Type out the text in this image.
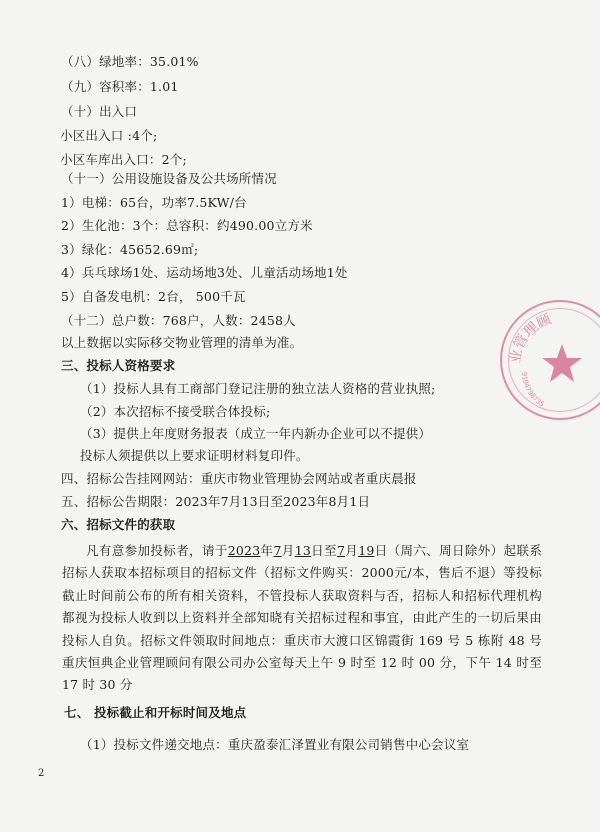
（八）绿地率：35.01%
（九）容积率：1.01
（十）出入口
小区出入口 :4个;
小区车库出入口：2个;
（十一）公用设施设备及公共场所情况
1）电梯：65台，功率7.5KW/台
2）生化池：3个：总容积：约490.00立方米
3）绿化：45652.69㎡;
4）兵乓球场1处、运动场地3处、儿童活动场地1处
5）自备发电机：2台， 500千瓦
（十二）总户数：768户，人数：2458人
以上数据以实际移交物业管理的清单为准。
三、投标人资格要求
（1）投标人具有工商部门登记注册的独立法人资格的营业执照;
（2）本次招标不接受联合体投标;
（3）提供上年度财务报表（成立一年内新办企业可以不提供）
投标人须提供以上要求证明材料复印件。
四、招标公告挂网网站：重庆市物业管理协会网站或者重庆晨报
五、招标公告期限：2023年7月13日至2023年8月1日
六、招标文件的获取
凡有意参加投标者，请于2023年7月13日至7月19日（周六、周日除外）起联系招标人获取本招标项目的招标文件（招标文件购买：2000元/本，售后不退）等投标截止时间前公布的所有相关资料，不管投标人获取资料与否，招标人和招标代理机构都视为投标人收到以上资料并全部知晓有关招标过程和事宜，由此产生的一切后果由投标人自负。招标文件领取时间地点：重庆市大渡口区锦霞街 169 号 5 栋附 48 号重庆恒典企业管理顾问有限公司办公室每天上午 9 时至 12 时 00 分，下午 14 时至 17 时 30 分
七、 投标截止和开标时间及地点
（1）投标文件递交地点：重庆盈泰汇泽置业有限公司销售中心会议室
2
业管理顾
9104798735
